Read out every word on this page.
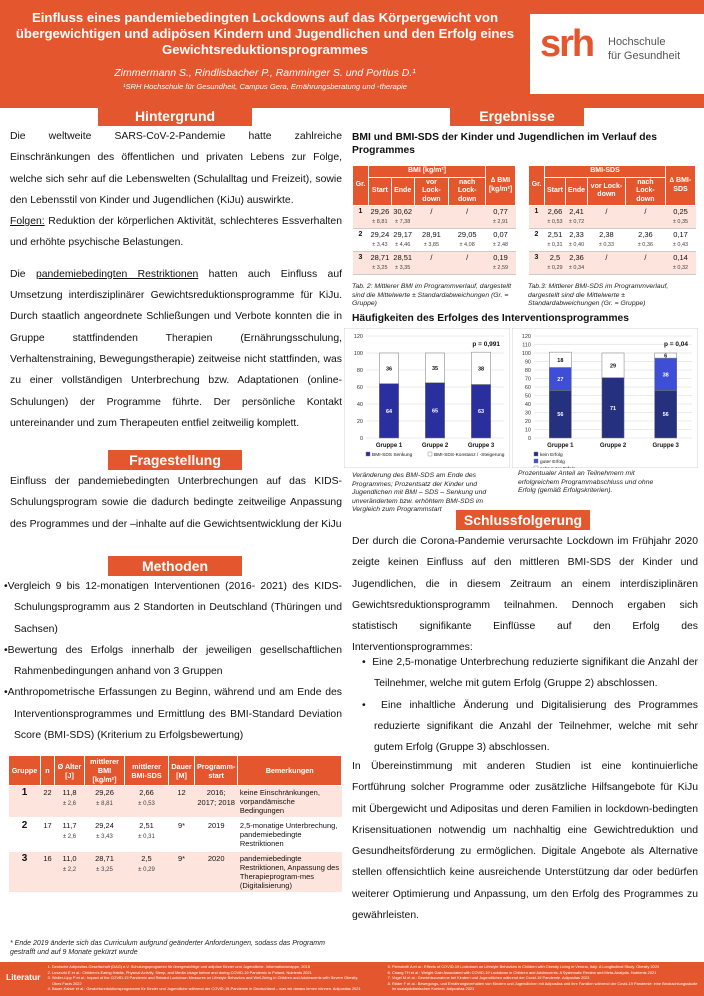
Einfluss eines pandemiebedingten Lockdowns auf das Körpergewicht von übergewichtigen und adipösen Kindern und Jugendlichen und den Erfolg eines Gewichtsreduktionsprogrammes
Zimmermann S., Rindlisbacher P., Ramminger S. und Portius D.¹
¹SRH Hochschule für Gesundheit, Campus Gera, Ernährungsberatung und -therapie
srh Hochschule
für Gesundheit
Hintergrund

Die weltweite SARS-CoV-2-Pandemie hatte zahlreiche Einschränkungen des öffentlichen und privaten Lebens zur Folge, welche sich sehr auf die Lebenswelten (Schulalltag und Freizeit), sowie den Lebensstil von Kinder und Jugendlichen (KiJu) auswirkte.
Folgen: Reduktion der körperlichen Aktivität, schlechteres Essverhalten und erhöhte psychische Belastungen.

Die pandemiebedingten Restriktionen hatten auch Einfluss auf Umsetzung interdisziplinärer Gewichtsreduktionsprogramme für KiJu. Durch staatlich angeordnete Schließungen und Verbote konnten die in Gruppe stattfindenden Therapien (Ernährungsschulung, Verhaltenstraining, Bewegungstherapie) zeitweise nicht stattfinden, was zu einer vollständigen Unterbrechung bzw. Adaptationen (online-Schulungen) der Programme führte. Der persönliche Kontakt untereinander und zum Therapeuten entfiel zeitweilig komplett.

Fragestellung
Einfluss der pandemiebedingten Unterbrechungen auf das KIDS-Schulungsprogram sowie die dadurch bedingte zeitweilige Anpassung des Programmes und der –inhalte auf die Gewichtsentwicklung der KiJu
Methoden
•Vergleich 9 bis 12-monatigen Interventionen (2016- 2021) des KIDS-Schulungsprogramm aus 2 Standorten in Deutschland (Thüringen und Sachsen)
•Bewertung des Erfolgs innerhalb der jeweiligen gesellschaftlichen Rahmenbedingungen anhand von 3 Gruppen
•Anthropometrische Erfassungen zu Beginn, während und am Ende des Interventionsprogrammes und Ermittlung des BMI-Standard Deviation Score (BMI-SDS) (Kriterium zu Erfolgsbewertung)
Gruppe	n	Ø Alter [J]	mittlerer BMI [kg/m²]	mittlerer BMI-SDS	Dauer [M]	Programm-start	Bemerkungen
1	22	11,8
± 2,6	29,26
± 8,81	2,66
± 0,53	12	2016; 2017; 2018	keine Einschränkungen, vorpandämische Bedingungen
2	17	11,7
± 2,6	29,24
± 3,43	2,51
± 0,31	9*	2019	2,5-monatige Unterbrechung, pandemiebedingte Restriktionen
3	16	11,0
± 2,2	28,71
± 3,25	2,5
± 0,29	9*	2020	pandemiebedingte Restriktionen, Anpassung des Therapieprogram-mes (Digitalisierung)
* Ende 2019 änderte sich das Curriculum aufgrund geänderter Anforderungen, sodass das Programm gestrafft und auf 9 Monate gekürzt wurde
Ergebnisse
BMI und BMI-SDS der Kinder und Jugendlichen im Verlauf des Programmes
Gr.	BMI [kg/m²]				∆ BMI [kg/m²]
	Start	Ende	vor Lock-down	nach Lock-down	
1	29,26
± 8,81	30,62
± 7,38	/	/	0,77
± 2,91
2	29,24
± 3,43	29,17
± 4,46	28,91
± 3,85	29,05
± 4,08	0,07
± 2,48
3	28,71
± 3,25	28,51
± 3,35	/	/	0,19
± 2,59
Tab. 2: Mittlerer BMI im Programmverlauf, dargestellt sind die Mittelwerte ± Standardabweichungen (Gr. = Gruppe)
Gr.	BMI-SDS				∆ BMI-SDS
	Start	Ende	vor Lock-down	nach Lock-down	
1	2,66
± 0,53	2,41
± 0,72	/	/	0,25
± 0,35
2	2,51
± 0,31	2,33
± 0,40	2,38
± 0,33	2,36
± 0,36	0,17
± 0,43
3	2,5
± 0,29	2,36
± 0,34	/	/	0,14
± 0,32
Tab.3: Mittlerer BMI-SDS im Programmverlauf, dargestellt sind die Mittelwerte ± Standardabweichungen (Gr. = Gruppe)
Häufigkeiten des Erfolges des Interventionsprogrammes
0
20
40
60
80
100
120
64
36
Gruppe 1
65
35
Gruppe 2
63
38
Gruppe 3
p = 0,991
BMI-SDS Senkung	BMI-SDS-Konstanz / -Steigerung
0
10
20
30
40
50
60
70
80
90
100
110
120
56
27
18
Gruppe 1
71
29
Gruppe 2
56
38
6
Gruppe 3
p = 0,04
kein Erfolg
guter Erfolg
Veränderung des BMI-SDS am Ende des Programmes; Prozentsatz der Kinder und Jugendlichen mit BMI – SDS – Senkung und unverändertem bzw. erhöhtem BMI-SDS im Vergleich zum Programmstart
Prozentualer Anteil an Teilnehmern mit erfolgreichem Programmabschluss und ohne Erfolg (gemäß Erfolgskriterien).
Schlussfolgerung
Der durch die Corona-Pandemie verursachte Lockdown im Frühjahr 2020 zeigte keinen Einfluss auf den mittleren BMI-SDS der Kinder und Jugendlichen, die in diesem Zeitraum an einem interdisziplinären Gewichtsreduktionsprogramm teilnahmen. Dennoch ergaben sich statistisch signifikante Einflüsse auf den Erfolg des Interventionsprogrammes:
•  Eine 2,5-monatige Unterbrechung reduzierte signifikant die Anzahl der Teilnehmer, welche mit gutem Erfolg (Gruppe 2) abschlossen.
•  Eine inhaltliche Änderung und Digitalisierung des Programmes reduzierte signifikant die Anzahl der Teilnehmer, welche mit sehr gutem Erfolg (Gruppe 3) abschlossen.
In Übereinstimmung mit anderen Studien ist eine kontinuierliche Fortführung solcher Programme oder zusätzliche Hilfsangebote für KiJu mit Übergewicht und Adipositas und deren Familien in lockdown-bedingten Krisensituationen notwendig um nachhaltig eine Gewichtreduktion und Gesundheitsförderung zu ermöglichen. Digitale Angebote als Alternative stellen offensichtlich keine ausreichende Unterstützung dar oder bedürfen weiterer Optimierung und Anpassung, um den Erfolg des Programmes zu gewährleisten.
Literatur
1. Deutsche Adipositas-Gesellschaft (DAG) e.V. Schulungsprogramm für übergewichtige und adipöse Kinder und Jugendliche. Informationsmappe, 2018
2. Luszczki E et al.: Children's Eating Habits, Physical Activity, Sleep, and Media Usage before and during COVID-19 Pandemic in Poland. Nutrients 2021
3. Walter-Lipp P et al.: Impact of the COVID-19 Pandemic and Related Lockdown Measures on Lifestyle Behaviors and Well-Being in Children and Adolescents with Severe Obesity. Obes Facts 2022
4. Bauer-Kaiser et al.: Gewichtsreduktionsprogramme für Kinder und Jugendliche während der COVID-19-Pandemie in Deutschland – was wir daraus lernen können. Adipositas 2021
5. Pietrobelli A et al.: Effects of COVID-19 Lockdown on Lifestyle Behaviors in Children with Obesity Living in Verona, Italy: A Longitudinal Study. Obesity 2020
6. Chang TH et al.: Weight Gain Associated with COVID-19 Lockdown in Children and Adolescents: A Systematic Review and Meta-Analysis. Nutrients 2021
7. Vogel M et al.: Gewichtszunahme bei Kindern und Jugendlichen während der Covid-19 Pandemie. Adipositas 2021
8. Röder F et al.: Bewegungs- und Ernährungsverhalten von Kindern und Jugendlichen mit Adipositas und ihre Familien während der Covid-19 Pandemie: eine Beobachtungsstudie im sozialpädiatrischen Kontext. Adipositas 2021
